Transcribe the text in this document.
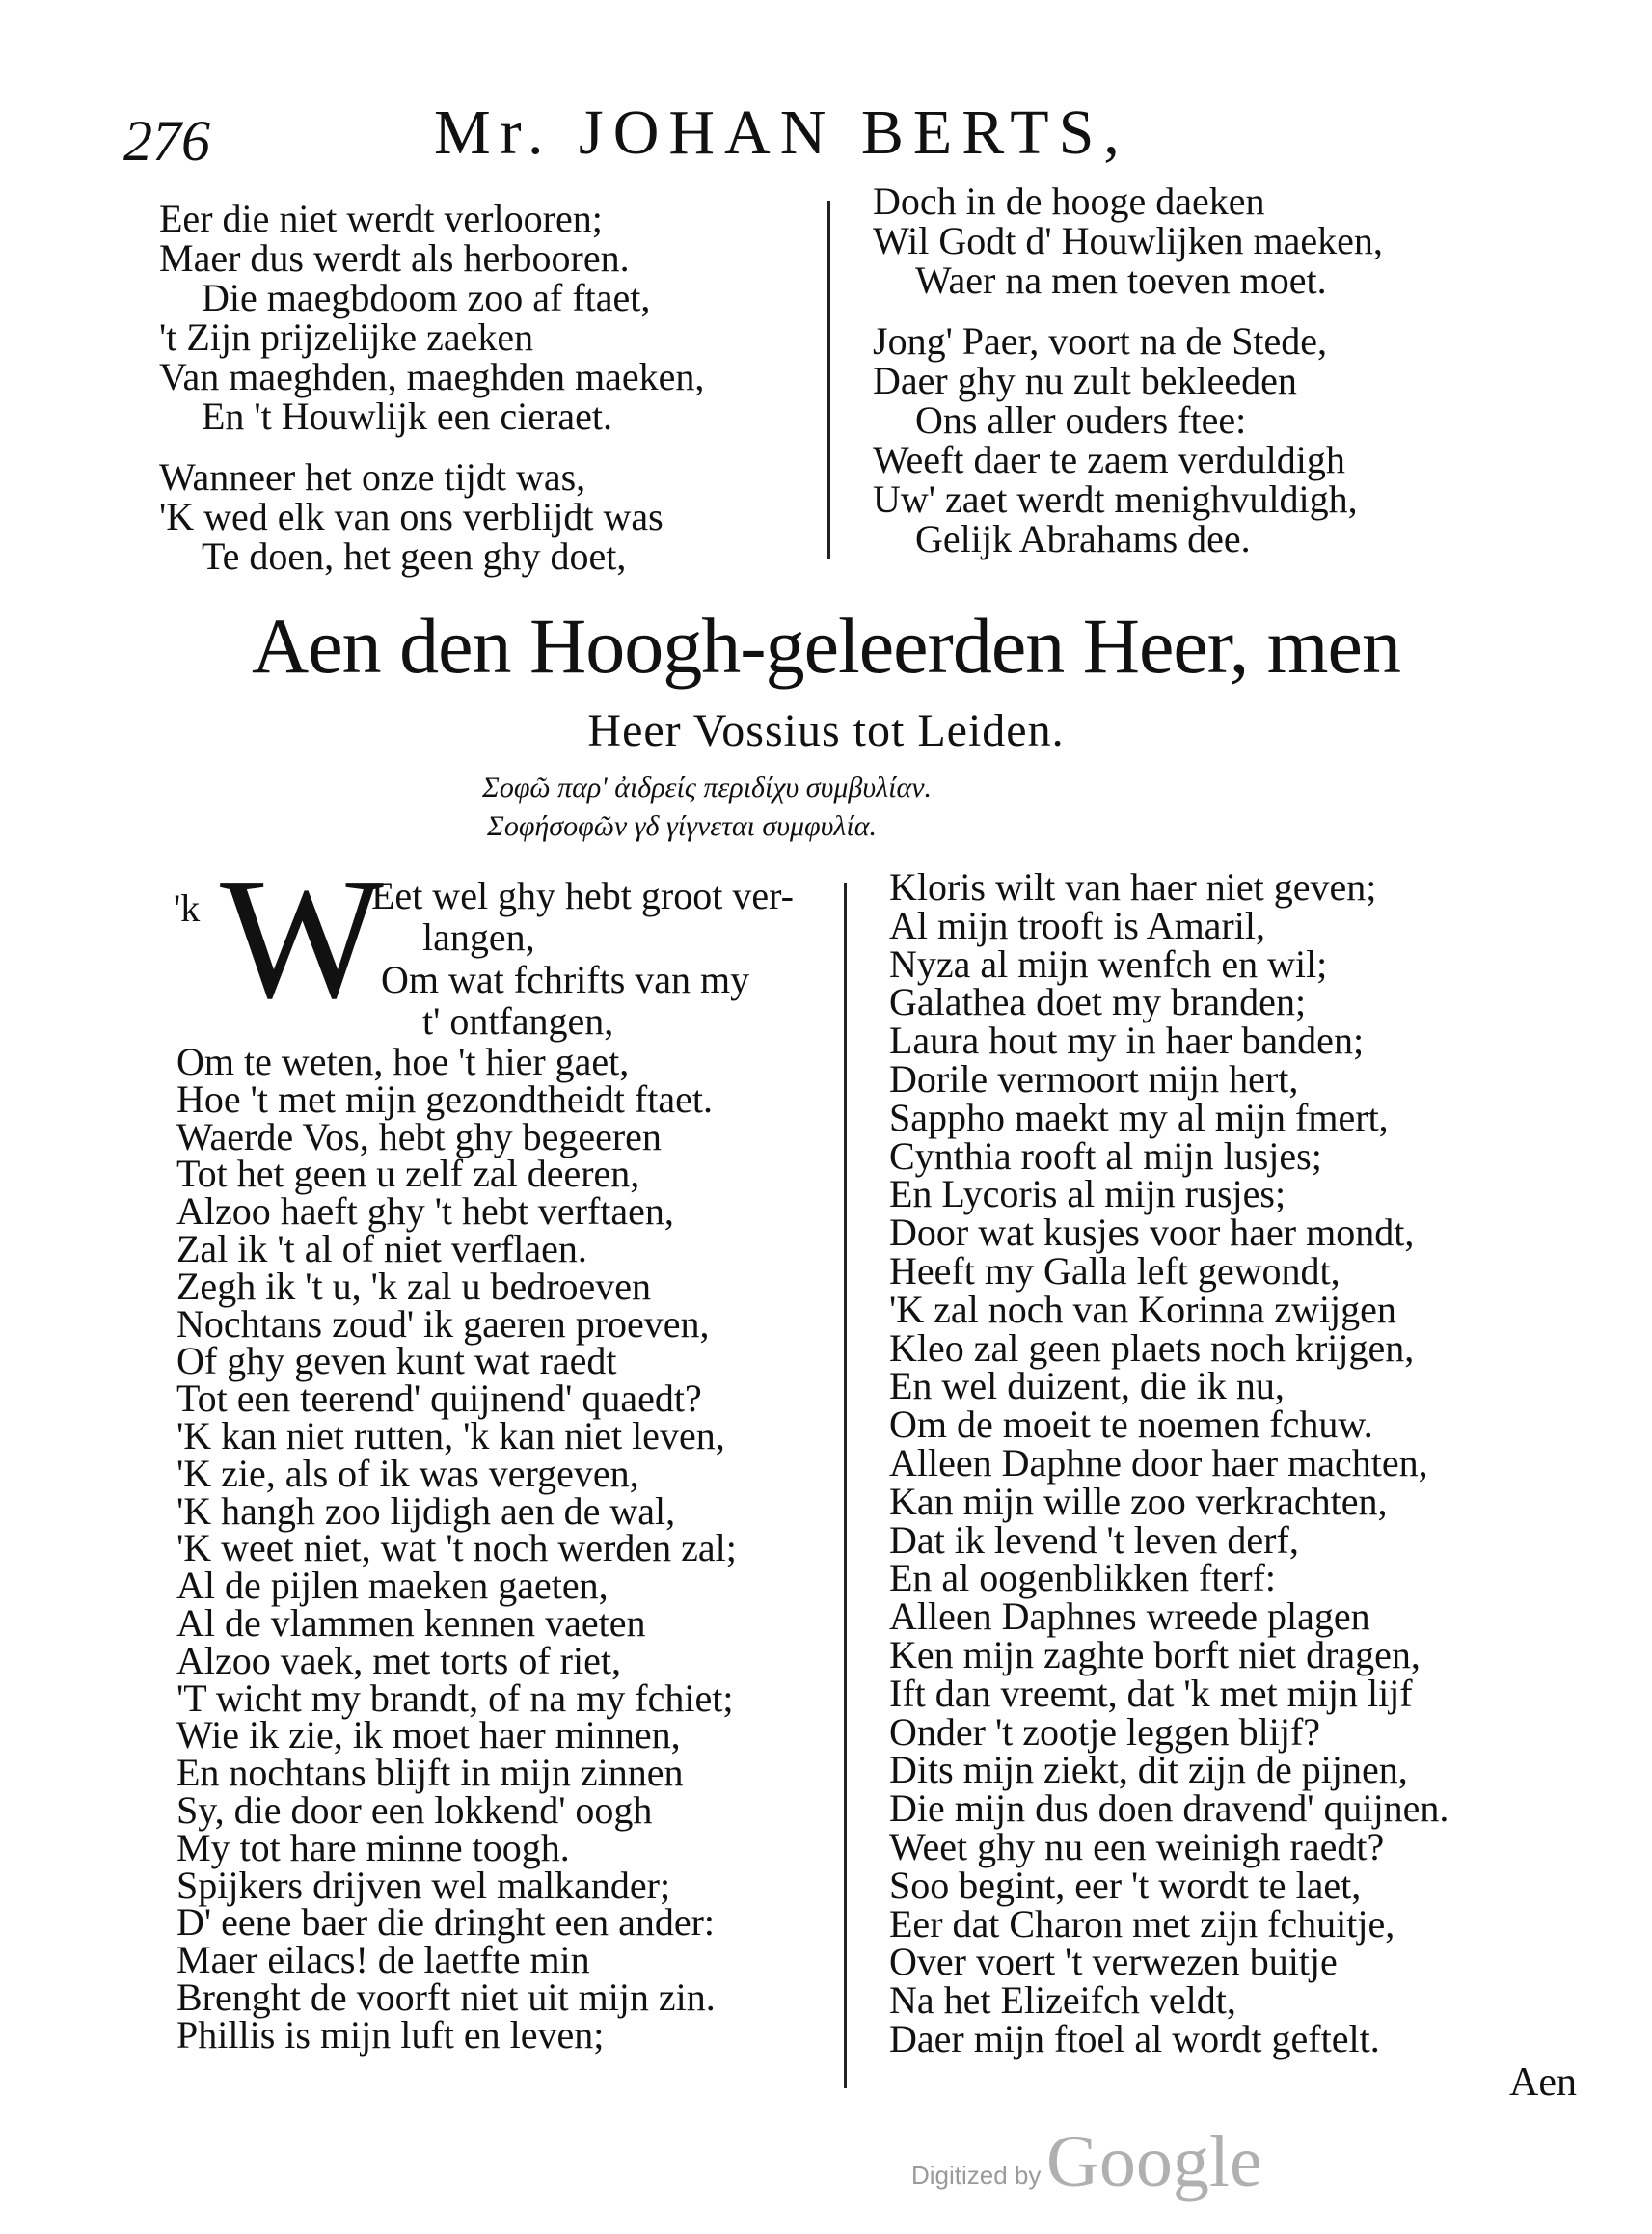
276	Mr. JOHAN BERTS,
Eer die niet werdt verlooren;
Maer dus werdt als herbooren.
Die maegbdoom zoo af ftaet,
't Zijn prijzelijke zaeken
Van maeghden, maeghden maeken,
En 't Houwlijk een cieraet.
Wanneer het onze tijdt was,
'K wed elk van ons verblijdt was
Te doen, het geen ghy doet,
Doch in de hooge daeken
Wil Godt d' Houwlijken maeken,
Waer na men toeven moet.
Jong' Paer, voort na de Stede,
Daer ghy nu zult bekleeden
Ons aller ouders ftee:
Weeft daer te zaem verduldigh
Uw' zaet werdt menighvuldigh,
Gelijk Abrahams dee.
Aen den Hoogh-geleerden Heer, men
Heer Vossius tot Leiden.
Σοφῶ παρ' ἀιδρείς περιδίχυ συμβυλίαν.
Σοφήσοφῶν γδ γίγνεται συμφυλία.
'k W
Eet wel ghy hebt groot ver-
langen,
Om wat fchrifts van my
t' ontfangen,
Om te weten, hoe 't hier gaet,
Hoe 't met mijn gezondtheidt ftaet.
Waerde Vos, hebt ghy begeeren
Tot het geen u zelf zal deeren,
Alzoo haeft ghy 't hebt verftaen,
Zal ik 't al of niet verflaen.
Zegh ik 't u, 'k zal u bedroeven
Nochtans zoud' ik gaeren proeven,
Of ghy geven kunt wat raedt
Tot een teerend' quijnend' quaedt?
'K kan niet rutten, 'k kan niet leven,
'K zie, als of ik was vergeven,
'K hangh zoo lijdigh aen de wal,
'K weet niet, wat 't noch werden zal;
Al de pijlen maeken gaeten,
Al de vlammen kennen vaeten
Alzoo vaek, met torts of riet,
'T wicht my brandt, of na my fchiet;
Wie ik zie, ik moet haer minnen,
En nochtans blijft in mijn zinnen
Sy, die door een lokkend' oogh
My tot hare minne toogh.
Spijkers drijven wel malkander;
D' eene baer die dringht een ander:
Maer eilacs! de laetfte min
Brenght de voorft niet uit mijn zin.
Phillis is mijn luft en leven;
Kloris wilt van haer niet geven;
Al mijn trooft is Amaril,
Nyza al mijn wenfch en wil;
Galathea doet my branden;
Laura hout my in haer banden;
Dorile vermoort mijn hert,
Sappho maekt my al mijn fmert,
Cynthia rooft al mijn lusjes;
En Lycoris al mijn rusjes;
Door wat kusjes voor haer mondt,
Heeft my Galla left gewondt,
'K zal noch van Korinna zwijgen
Kleo zal geen plaets noch krijgen,
En wel duizent, die ik nu,
Om de moeit te noemen fchuw.
Alleen Daphne door haer machten,
Kan mijn wille zoo verkrachten,
Dat ik levend 't leven derf,
En al oogenblikken fterf:
Alleen Daphnes wreede plagen
Ken mijn zaghte borft niet dragen,
Ift dan vreemt, dat 'k met mijn lijf
Onder 't zootje leggen blijf?
Dits mijn ziekt, dit zijn de pijnen,
Die mijn dus doen dravend' quijnen.
Weet ghy nu een weinigh raedt?
Soo begint, eer 't wordt te laet,
Eer dat Charon met zijn fchuitje,
Over voert 't verwezen buitje
Na het Elizeifch veldt,
Daer mijn ftoel al wordt geftelt.
Aen
Digitized by Google
